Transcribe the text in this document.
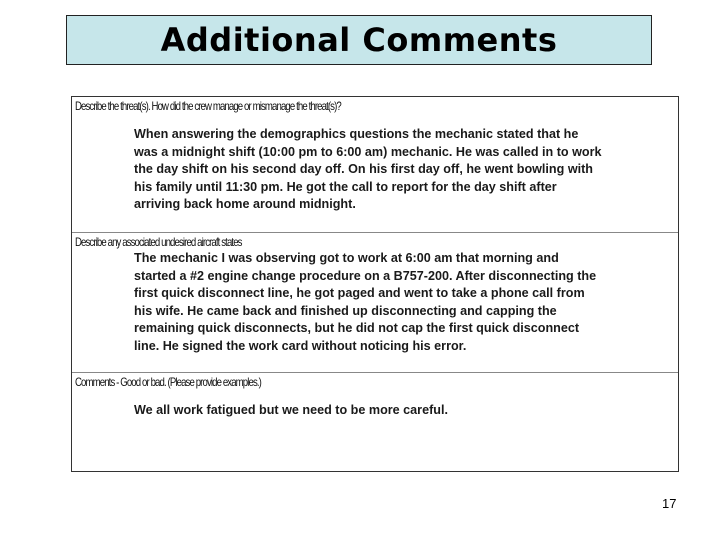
Additional Comments
Describe the threat(s). How did the crew manage or mismanage the threat(s)?
When answering the demographics questions the mechanic stated that he was a midnight shift (10:00 pm to 6:00 am) mechanic. He was called in to work the day shift on his second day off. On his first day off, he went bowling with his family until 11:30 pm. He got the call to report for the day shift after arriving back home around midnight.
Describe any associated undesired aircraft states
The mechanic I was observing got to work at 6:00 am that morning and started a #2 engine change procedure on a B757-200. After disconnecting the first quick disconnect line, he got paged and went to take a phone call from his wife. He came back and finished up disconnecting and capping the remaining quick disconnects, but he did not cap the first quick disconnect line. He signed the work card without noticing his error.
Comments - Good or bad. (Please provide examples.)
We all work fatigued but we need to be more careful.
17
